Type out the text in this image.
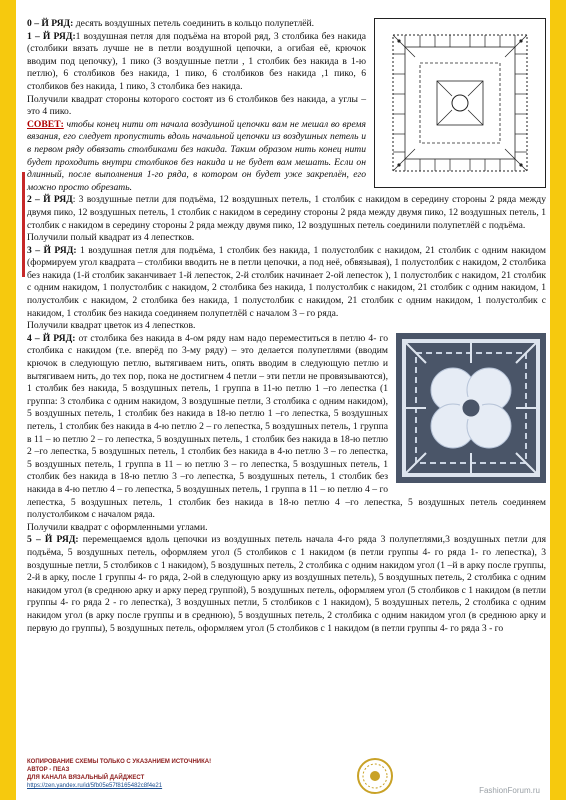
0 – Й РЯД: десять воздушных петель соединить в кольцо полупетлёй.

1 – Й РЯД:1 воздушная петля для подъёма на второй ряд, 3 столбика без накида (столбики вязать лучше не в петли воздушной цепочки, а огибая её, крючок вводим под цепочку), 1 пико (3 воздушные петли , 1 столбик без накида в 1-ю петлю), 6 столбиков без накида, 1 пико, 6 столбиков без накида ,1 пико, 6 столбиков без накида, 1 пико, 3 столбика без накида.

Получили квадрат стороны которого состоят из 6 столбиков без накида, а углы – это 4 пико.

СОВЕТ: чтобы конец нити от начала воздушной цепочки вам не мешал во время вязания, его следует пропустить вдоль начальной цепочки из воздушных петель и в первом ряду обвязать столбиками без накида. Таким образом нить конец нити будет проходить внутри столбиков без накида и не будет вам мешать. Если он длинный, после выполнения 1-го ряда, в котором он будет уже закреплён, его можно просто обрезать.

2 – Й РЯД: 3 воздушные петли для подъёма, 12 воздушных петель, 1 столбик с накидом в середину стороны 2 ряда между двумя пико, 12 воздушных петель, 1 столбик с накидом в середину стороны 2 ряда между двумя пико, 12 воздушных петель, 1 столбик с накидом в середину стороны 2 ряда между двумя пико, 12 воздушных петель соединили полупетлёй с подъёма.

Получили полый квадрат из 4 лепестков.

3 – Й РЯД: 1 воздушная петля для подъёма, 1 столбик без накида, 1 полустолбик с накидом, 21 столбик с одним накидом (формируем угол квадрата – столбики вводить не в петли цепочки, а под неё, обвязывая), 1 полустолбик с накидом, 2 столбика без накида (1-й столбик заканчивает 1-й лепесток, 2-й столбик начинает 2-ой лепесток ), 1 полустолбик с накидом, 21 столбик с одним накидом, 1 полустолбик с накидом, 2 столбика без накида, 1 полустолбик с накидом, 21 столбик с одним накидом, 1 полустолбик с накидом, 2 столбика без накида, 1 полустолбик с накидом, 21 столбик с одним накидом, 1 полустолбик с накидом, 1 столбик без накида соединяем полупетлёй с началом 3 – го ряда.

Получили квадрат цветок из 4 лепестков.

4 – Й РЯД: от столбика без накида в 4-ом ряду нам надо переместиться в петлю 4- го столбика с накидом (т.е. вперёд по 3-му ряду) – это делается полупетлями (вводим крючок в следующую петлю, вытягиваем нить, опять вводим в следующую петлю и вытягиваем нить, до тех пор, пока не достигнем 4 петли – эти петли не провязываются), 1 столбик без накида, 5 воздушных петель, 1 группа в 11-ю петлю 1 –го лепестка (1 группа: 3 столбика с одним накидом, 3 воздушные петли, 3 столбика с одним накидом), 5 воздушных петель, 1 столбик без накида в 18-ю петлю 1 –го лепестка, 5 воздушных петель, 1 столбик без накида в 4-ю петлю 2 – го лепестка, 5 воздушных петель, 1 группа в 11 – ю петлю 2 – го лепестка, 5 воздушных петель, 1 столбик без накида в 18-ю петлю 2 –го лепестка, 5 воздушных петель, 1 столбик без накида в 4-ю петлю 3 – го лепестка, 5 воздушных петель, 1 группа в 11 – ю петлю 3 – го лепестка, 5 воздушных петель, 1 столбик без накида в 18-ю петлю 3 –го лепестка, 5 воздушных петель, 1 столбик без накида в 4-ю петлю 4 – го лепестка, 5 воздушных петель, 1 группа в 11 – ю петлю 4 – го лепестка, 5 воздушных петель, 1 столбик без накида в 18-ю петлю 4 –го лепестка, 5 воздушных петель соединяем полустолбиком с началом ряда.

Получили квадрат с оформленными углами.

5 – Й РЯД: перемещаемся вдоль цепочки из воздушных петель начала 4-го ряда 3 полупетлями,3 воздушных петли для подъёма, 5 воздушных петель, оформляем угол (5 столбиков с 1 накидом (в петли группы 4- го ряда 1- го лепестка), 3 воздушные петли, 5 столбиков с 1 накидом), 5 воздушных петель, 2 столбика с одним накидом угол (1 –й в арку после группы, 2-й в арку, после 1 группы 4- го ряда, 2-ой в следующую арку из воздушных петель), 5 воздушных петель, 2 столбика с одним накидом угол (в среднюю арку и арку перед группой), 5 воздушных петель, оформляем угол (5 столбиков с 1 накидом (в петли группы 4- го ряда 2 - го лепестка), 3 воздушных петли, 5 столбиков с 1 накидом), 5 воздушных петель, 2 столбика с одним накидом угол (в арку после группы и в среднюю), 5 воздушных петель, 2 столбика с одним накидом угол (в среднюю арку и первую до группы), 5 воздушных петель, оформляем угол (5 столбиков с 1 накидом (в петли группы 4- го ряда 3 - го

КОПИРОВАНИЕ СХЕМЫ ТОЛЬКО С УКАЗАНИЕМ ИСТОЧНИКА!
АВТОР - ПЕАЗ
ДЛЯ КАНАЛА ВЯЗАЛЬНЫЙ ДАЙДЖЕСТ
https://zen.yandex.ru/id/5fb05e57f8165482c8f4e21	FashionForum.ru
